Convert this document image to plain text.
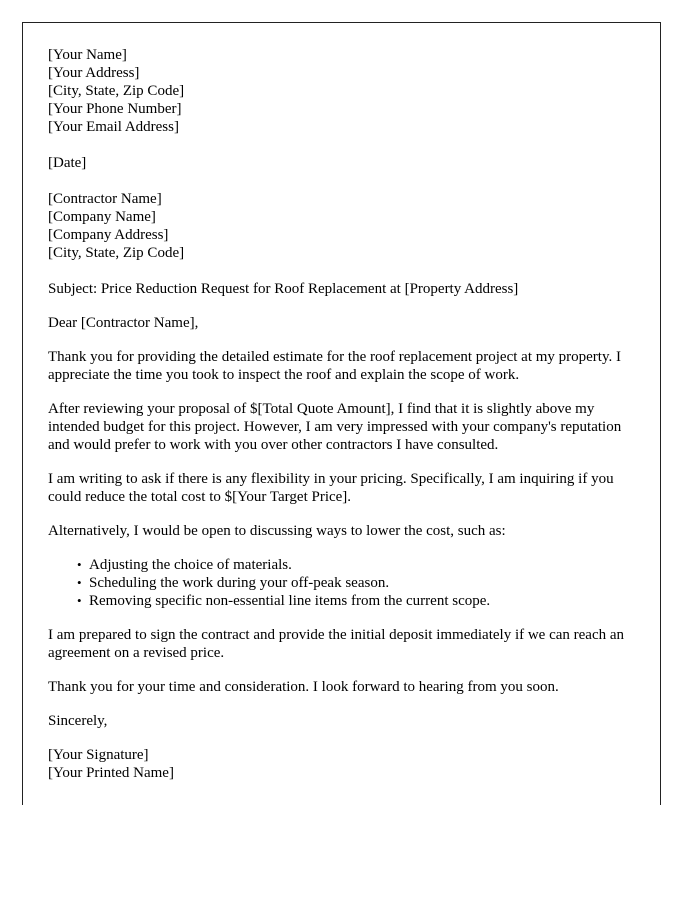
[Your Name]
[Your Address]
[City, State, Zip Code]
[Your Phone Number]
[Your Email Address]
[Date]
[Contractor Name]
[Company Name]
[Company Address]
[City, State, Zip Code]
Subject: Price Reduction Request for Roof Replacement at [Property Address]
Dear [Contractor Name],
Thank you for providing the detailed estimate for the roof replacement project at my property. I appreciate the time you took to inspect the roof and explain the scope of work.
After reviewing your proposal of $[Total Quote Amount], I find that it is slightly above my intended budget for this project. However, I am very impressed with your company's reputation and would prefer to work with you over other contractors I have consulted.
I am writing to ask if there is any flexibility in your pricing. Specifically, I am inquiring if you could reduce the total cost to $[Your Target Price].
Alternatively, I would be open to discussing ways to lower the cost, such as:
• Adjusting the choice of materials.
• Scheduling the work during your off-peak season.
• Removing specific non-essential line items from the current scope.
I am prepared to sign the contract and provide the initial deposit immediately if we can reach an agreement on a revised price.
Thank you for your time and consideration. I look forward to hearing from you soon.
Sincerely,
[Your Signature]
[Your Printed Name]
